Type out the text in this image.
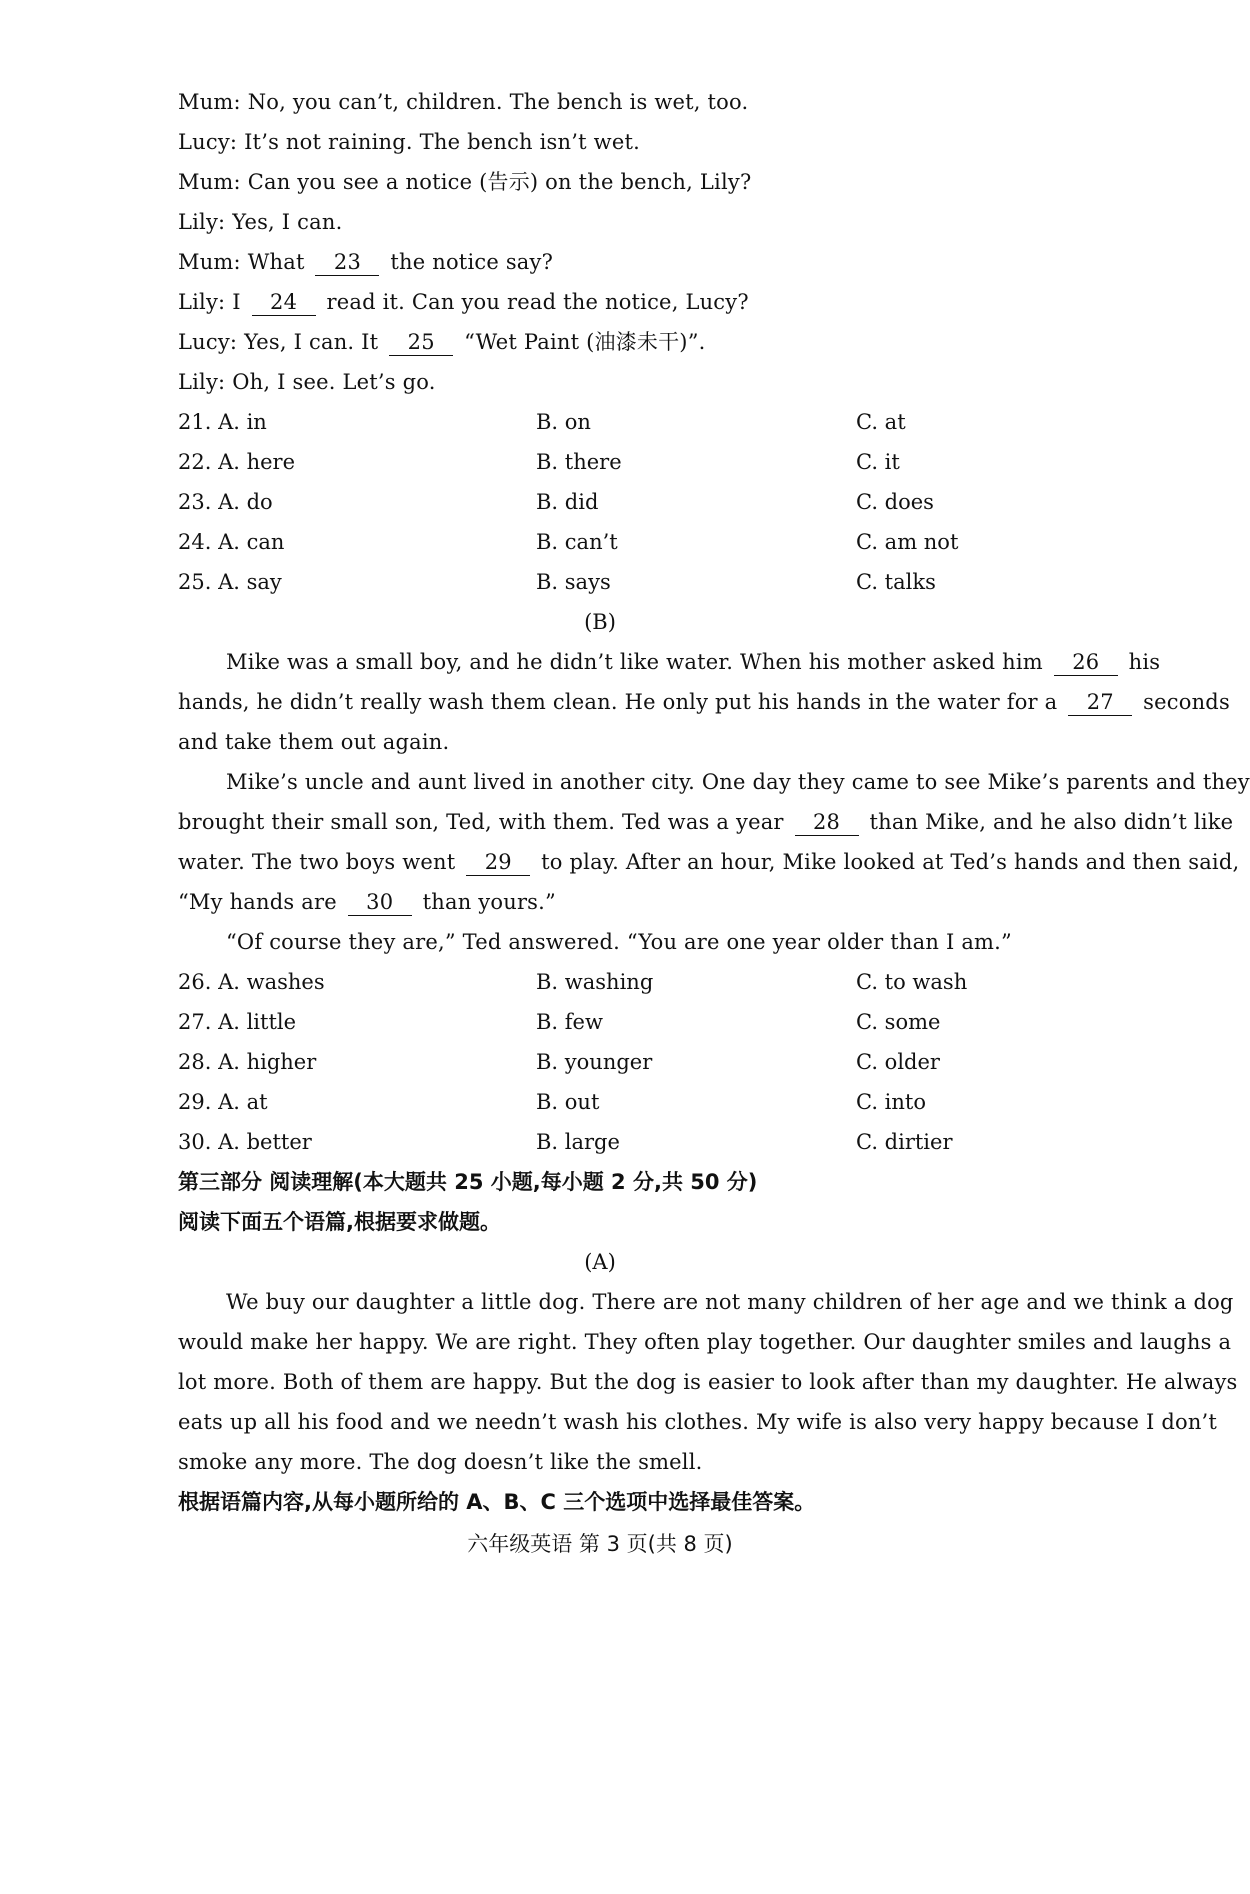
Mum: No, you can’t, children. The bench is wet, too.
Lucy: It’s not raining. The bench isn’t wet.
Mum: Can you see a notice (告示) on the bench, Lily?
Lily: Yes, I can.
Mum: What 23 the notice say?
Lily: I 24 read it. Can you read the notice, Lucy?
Lucy: Yes, I can. It 25 “Wet Paint (油漆未干)”.
Lily: Oh, I see. Let’s go.
21. A. in	B. on	C. at
22. A. here	B. there	C. it
23. A. do	B. did	C. does
24. A. can	B. can’t	C. am not
25. A. say	B. says	C. talks
(B)
Mike was a small boy, and he didn’t like water. When his mother asked him 26 his
hands, he didn’t really wash them clean. He only put his hands in the water for a 27 seconds
and take them out again.
Mike’s uncle and aunt lived in another city. One day they came to see Mike’s parents and they
brought their small son, Ted, with them. Ted was a year 28 than Mike, and he also didn’t like
water. The two boys went 29 to play. After an hour, Mike looked at Ted’s hands and then said,
“My hands are 30 than yours.”
“Of course they are,” Ted answered. “You are one year older than I am.”
26. A. washes	B. washing	C. to wash
27. A. little	B. few	C. some
28. A. higher	B. younger	C. older
29. A. at	B. out	C. into
30. A. better	B. large	C. dirtier
第三部分 阅读理解(本大题共 25 小题,每小题 2 分,共 50 分)
阅读下面五个语篇,根据要求做题。
(A)
We buy our daughter a little dog. There are not many children of her age and we think a dog
would make her happy. We are right. They often play together. Our daughter smiles and laughs a
lot more. Both of them are happy. But the dog is easier to look after than my daughter. He always
eats up all his food and we needn’t wash his clothes. My wife is also very happy because I don’t
smoke any more. The dog doesn’t like the smell.
根据语篇内容,从每小题所给的 A、B、C 三个选项中选择最佳答案。
六年级英语 第 3 页(共 8 页)
